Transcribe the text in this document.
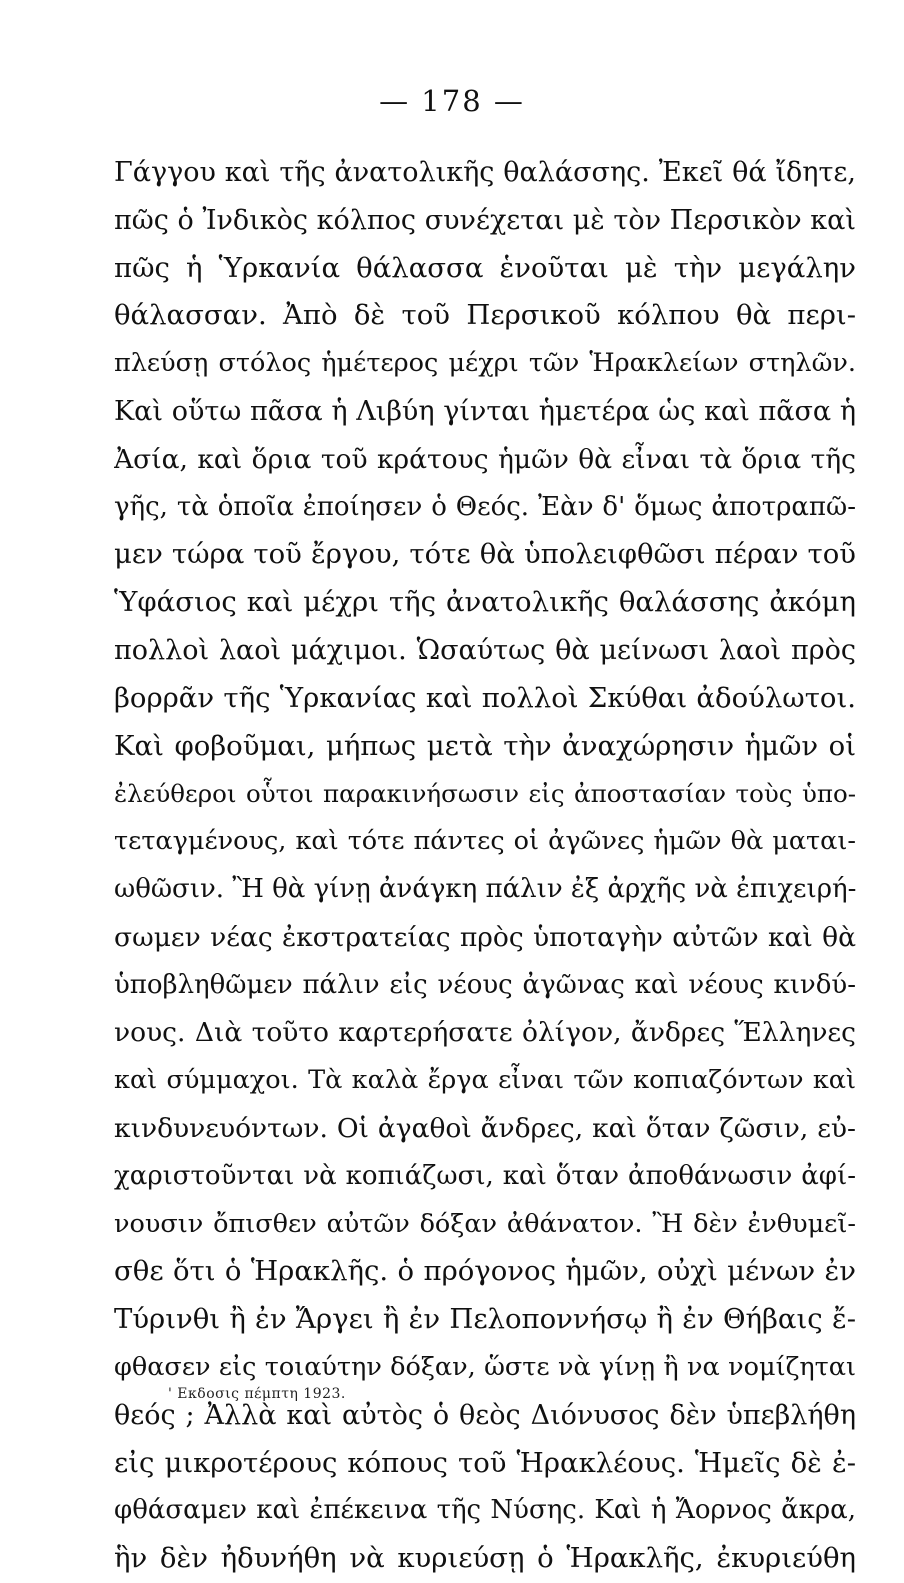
— 178 —
Γάγγου καὶ τῆς ἀνατολικῆς θαλάσσης. Ἐκεῖ θά ἴδητε,
πῶς ὁ Ἰνδικὸς κόλπος συνέχεται μὲ τὸν Περσικὸν καὶ
πῶς ἡ Ὑρκανία θάλασσα ἑνοῦται μὲ τὴν μεγάλην
θάλασσαν. Ἀπὸ δὲ τοῦ Περσικοῦ κόλπου θὰ περι-
πλεύσῃ στόλος ἡμέτερος μέχρι τῶν Ἡρακλείων στηλῶν.
Καὶ οὕτω πᾶσα ἡ Λιβύη γίνται ἡμετέρα ὡς καὶ πᾶσα ἡ
Ἀσία, καὶ ὅρια τοῦ κράτους ἡμῶν θὰ εἶναι τὰ ὅρια τῆς
γῆς, τὰ ὁποῖα ἐποίησεν ὁ Θεός. Ἐὰν δ' ὅμως ἀποτραπῶ-
μεν τώρα τοῦ ἔργου, τότε θὰ ὑπολειφθῶσι πέραν τοῦ
Ὑφάσιος καὶ μέχρι τῆς ἀνατολικῆς θαλάσσης ἀκόμη
πολλοὶ λαοὶ μάχιμοι. Ὡσαύτως θὰ μείνωσι λαοὶ πρὸς
βορρᾶν τῆς Ὑρκανίας καὶ πολλοὶ Σκύθαι ἀδούλωτοι.
Καὶ φοβοῦμαι, μήπως μετὰ τὴν ἀναχώρησιν ἡμῶν οἱ
ἐλεύθεροι οὗτοι παρακινήσωσιν εἰς ἀποστασίαν τοὺς ὑπο-
τεταγμένους, καὶ τότε πάντες οἱ ἀγῶνες ἡμῶν θὰ μαται-
ωθῶσιν. Ἢ θὰ γίνῃ ἀνάγκη πάλιν ἐξ ἀρχῆς νὰ ἐπιχειρή-
σωμεν νέας ἐκστρατείας πρὸς ὑποταγὴν αὐτῶν καὶ θὰ
ὑποβληθῶμεν πάλιν εἰς νέους ἀγῶνας καὶ νέους κινδύ-
νους. Διὰ τοῦτο καρτερήσατε ὀλίγον, ἄνδρες Ἕλληνες
καὶ σύμμαχοι. Τὰ καλὰ ἔργα εἶναι τῶν κοπιαζόντων καὶ
κινδυνευόντων. Οἱ ἀγαθοὶ ἄνδρες, καὶ ὅταν ζῶσιν, εὐ-
χαριστοῦνται νὰ κοπιάζωσι, καὶ ὅταν ἀποθάνωσιν ἀφί-
νουσιν ὄπισθεν αὐτῶν δόξαν ἀθάνατον. Ἢ δὲν ἐνθυμεῖ-
σθε ὅτι ὁ Ἡρακλῆς. ὁ πρόγονος ἡμῶν, οὐχὶ μένων ἐν
Τύρινθι ἢ ἐν Ἄργει ἢ ἐν Πελοποννήσῳ ἢ ἐν Θήβαις ἔ-
φθασεν εἰς τοιαύτην δόξαν, ὥστε νὰ γίνῃ ἢ να νομίζηται
θεός ; Ἀλλὰ καὶ αὐτὸς ὁ θεὸς Διόνυσος δὲν ὑπεβλήθη
εἰς μικροτέρους κόπους τοῦ Ἡρακλέους. Ἡμεῖς δὲ ἐ-
φθάσαμεν καὶ ἐπέκεινα τῆς Νύσης. Καὶ ἡ Ἄορνος ἄκρα,
ἣν δὲν ἠδυνήθη νὰ κυριεύσῃ ὁ Ἡρακλῆς, ἐκυριεύθη
' Εκδοσις πέμπτη 1923.
